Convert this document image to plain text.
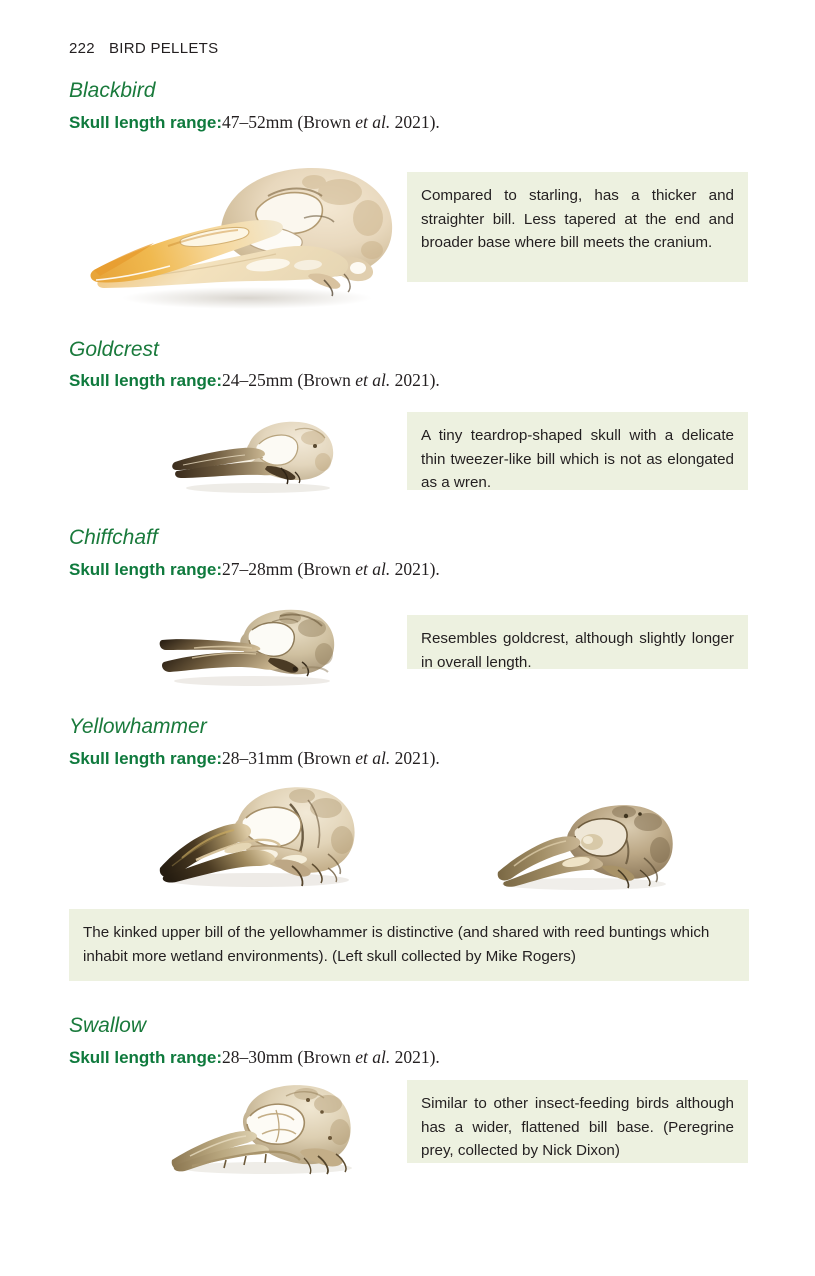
222 BIRD PELLETS
Blackbird
Skull length range:47–52mm (Brown et al. 2021).
Compared to starling, has a thicker and straighter bill. Less tapered at the end and broader base where bill meets the cranium.
Goldcrest
Skull length range:24–25mm (Brown et al. 2021).
A tiny teardrop-shaped skull with a delicate thin tweezer-like bill which is not as elongated as a wren.
Chiffchaff
Skull length range:27–28mm (Brown et al. 2021).
Resembles goldcrest, although slightly longer in overall length.
Yellowhammer
Skull length range:28–31mm (Brown et al. 2021).
The kinked upper bill of the yellowhammer is distinctive (and shared with reed buntings which inhabit more wetland environments). (Left skull collected by Mike Rogers)
Swallow
Skull length range:28–30mm (Brown et al. 2021).
Similar to other insect-feeding birds although has a wider, flattened bill base. (Peregrine prey, collected by Nick Dixon)
